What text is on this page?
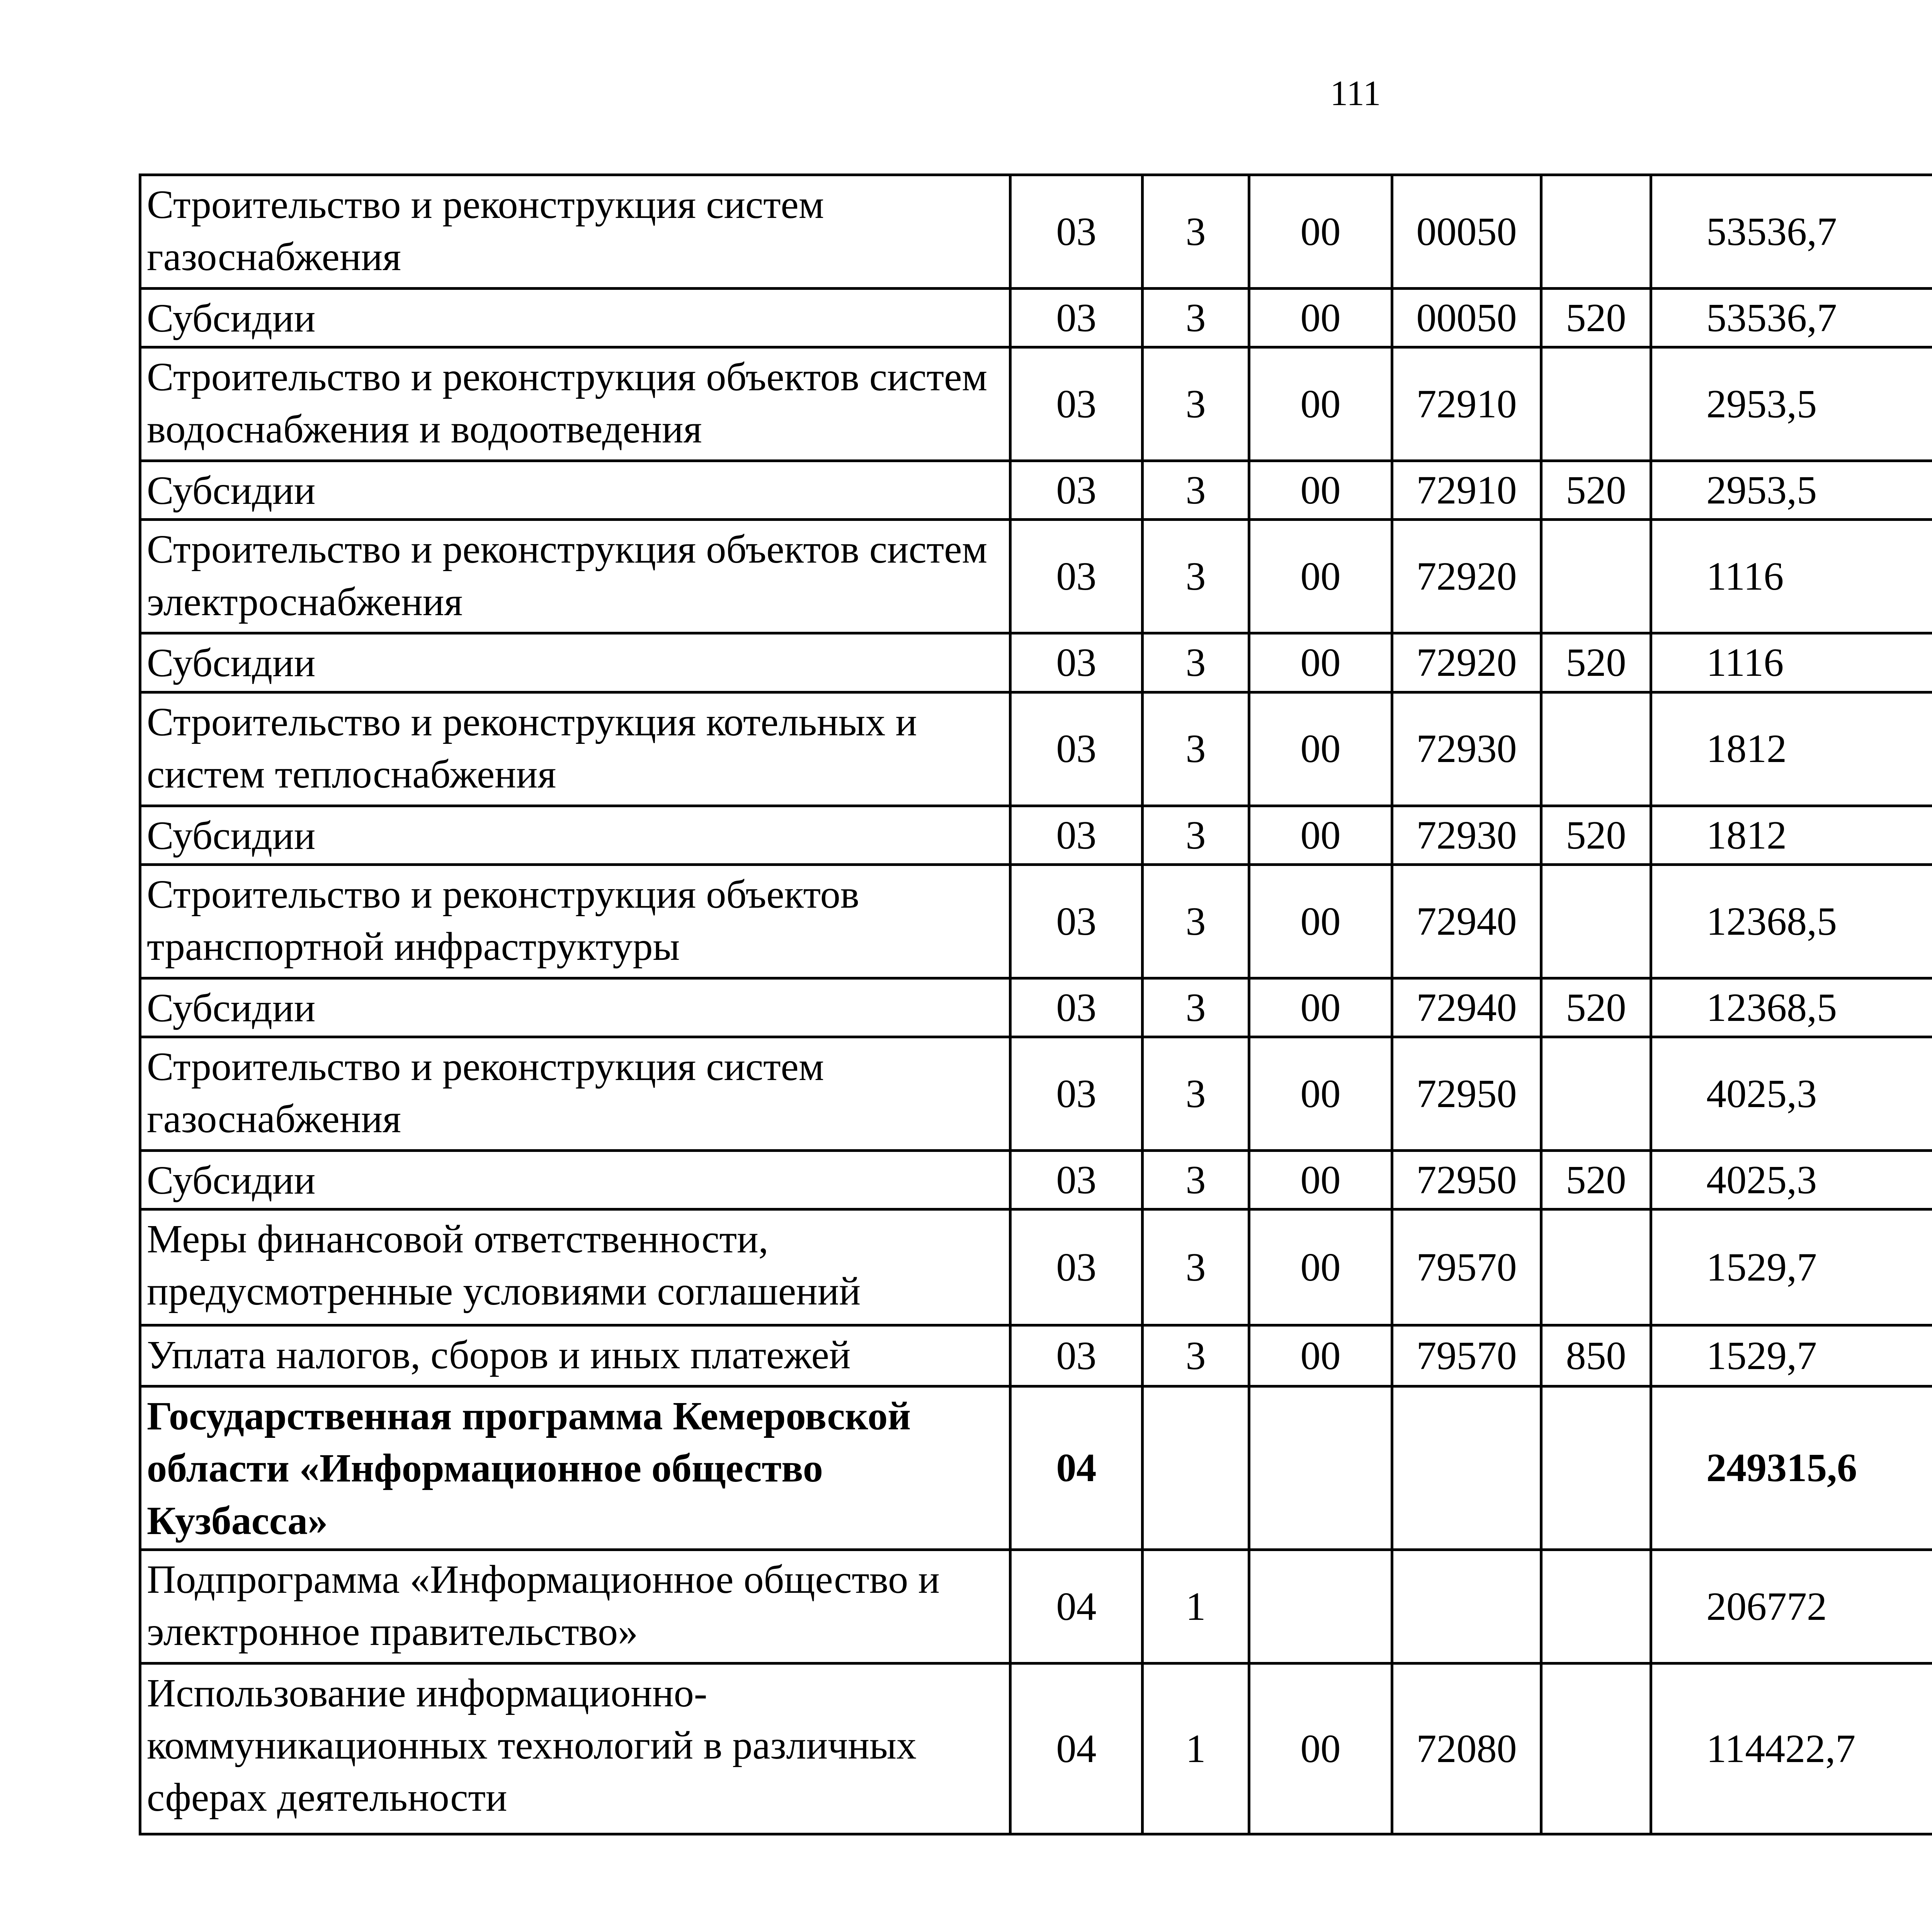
111
Строительство и реконструкция систем газоснабжения	03	3	00	00050		53536,7		
Субсидии	03	3	00	00050	520	53536,7		
Строительство и реконструкция объектов систем водоснабжения и водоотведения	03	3	00	72910		2953,5		
Субсидии	03	3	00	72910	520	2953,5		
Строительство и реконструкция объектов систем электроснабжения	03	3	00	72920		1116		
Субсидии	03	3	00	72920	520	1116		
Строительство и реконструкция котельных и систем теплоснабжения	03	3	00	72930		1812		
Субсидии	03	3	00	72930	520	1812		
Строительство и реконструкция объектов транспортной инфраструктуры	03	3	00	72940		12368,5		
Субсидии	03	3	00	72940	520	12368,5		
Строительство и реконструкция систем газоснабжения	03	3	00	72950		4025,3		
Субсидии	03	3	00	72950	520	4025,3		
Меры финансовой ответственности, предусмотренные условиями соглашений	03	3	00	79570		1529,7		
Уплата налогов, сборов и иных платежей	03	3	00	79570	850	1529,7		
Государственная программа Кемеровской области «Информационное общество Кузбасса»	04					249315,6		
Подпрограмма «Информационное общество и электронное правительство»	04	1				206772		
Использование информационно-коммуникационных технологий в различных сферах деятельности	04	1	00	72080		114422,7		
